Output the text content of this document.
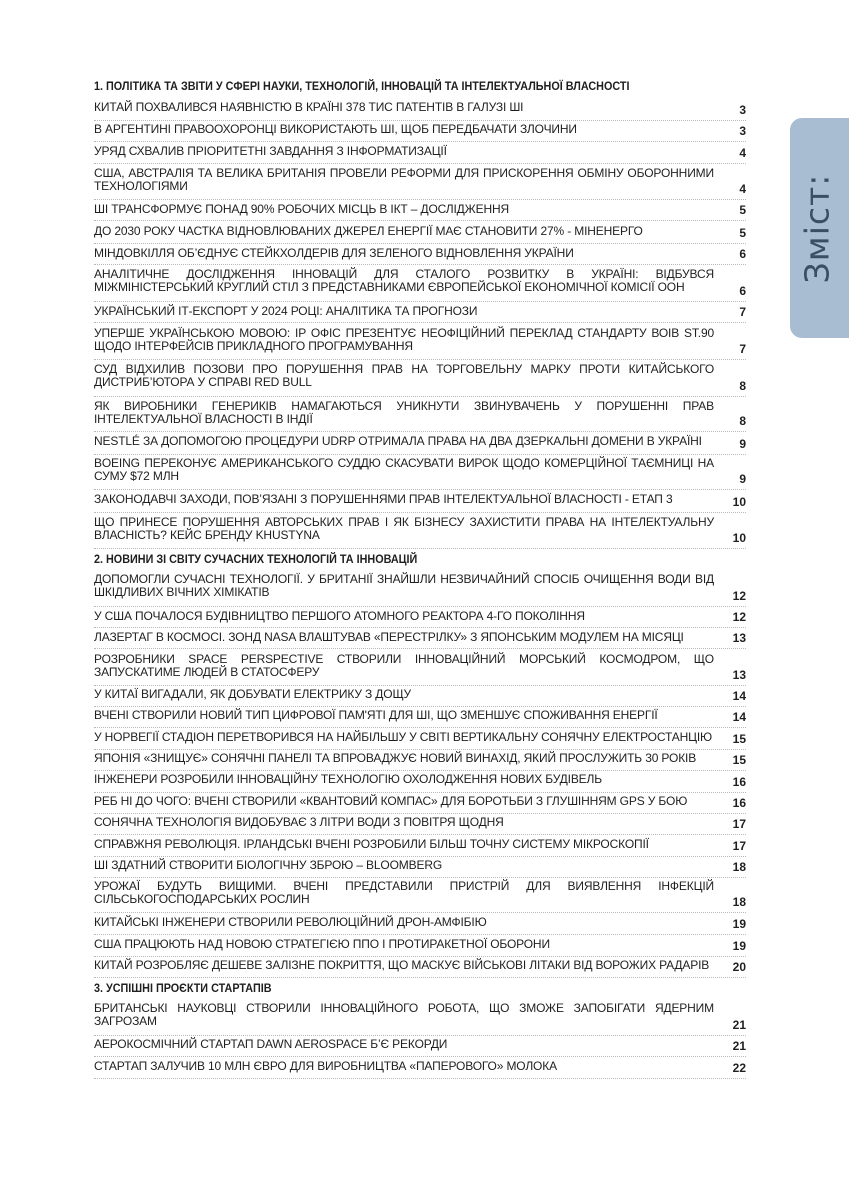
Зміст:
1. ПОЛІТИКА ТА ЗВІТИ У СФЕРІ НАУКИ, ТЕХНОЛОГІЙ, ІННОВАЦІЙ ТА ІНТЕЛЕКТУАЛЬНОЇ ВЛАСНОСТІ
КИТАЙ ПОХВАЛИВСЯ НАЯВНІСТЮ В КРАЇНІ 378 ТИС ПАТЕНТІВ В ГАЛУЗІ ШІ	3
В АРГЕНТИНІ ПРАВООХОРОНЦІ ВИКОРИСТАЮТЬ ШІ, ЩОБ ПЕРЕДБАЧАТИ ЗЛОЧИНИ	3
УРЯД СХВАЛИВ ПРІОРИТЕТНІ ЗАВДАННЯ З ІНФОРМАТИЗАЦІЇ	4
США, АВСТРАЛІЯ ТА ВЕЛИКА БРИТАНІЯ ПРОВЕЛИ РЕФОРМИ ДЛЯ ПРИСКОРЕННЯ ОБМІНУ ОБОРОННИМИ ТЕХНОЛОГІЯМИ	4
ШІ ТРАНСФОРМУЄ ПОНАД 90% РОБОЧИХ МІСЦЬ В ІКТ – ДОСЛІДЖЕННЯ	5
ДО 2030 РОКУ ЧАСТКА ВІДНОВЛЮВАНИХ ДЖЕРЕЛ ЕНЕРГІЇ МАЄ СТАНОВИТИ 27% - МІНЕНЕРГО	5
МІНДОВКІЛЛЯ ОБ’ЄДНУЄ СТЕЙКХОЛДЕРІВ ДЛЯ ЗЕЛЕНОГО ВІДНОВЛЕННЯ УКРАЇНИ	6
АНАЛІТИЧНЕ ДОСЛІДЖЕННЯ ІННОВАЦІЙ ДЛЯ СТАЛОГО РОЗВИТКУ В УКРАЇНІ: ВІДБУВСЯ МІЖМІНІСТЕРСЬКИЙ КРУГЛИЙ СТІЛ З ПРЕДСТАВНИКАМИ ЄВРОПЕЙСЬКОЇ ЕКОНОМІЧНОЇ КОМІСІЇ ООН	6
УКРАЇНСЬКИЙ ІТ-ЕКСПОРТ У 2024 РОЦІ: АНАЛІТИКА ТА ПРОГНОЗИ	7
УПЕРШЕ УКРАЇНСЬКОЮ МОВОЮ: IP ОФІС ПРЕЗЕНТУЄ НЕОФІЦІЙНИЙ ПЕРЕКЛАД СТАНДАРТУ ВОІВ ST.90 ЩОДО ІНТЕРФЕЙСІВ ПРИКЛАДНОГО ПРОГРАМУВАННЯ	7
СУД ВІДХИЛИВ ПОЗОВИ ПРО ПОРУШЕННЯ ПРАВ НА ТОРГОВЕЛЬНУ МАРКУ ПРОТИ КИТАЙСЬКОГО ДИСТРИБ’ЮТОРА У СПРАВІ RED BULL	8
ЯК ВИРОБНИКИ ГЕНЕРИКІВ НАМАГАЮТЬСЯ УНИКНУТИ ЗВИНУВАЧЕНЬ У ПОРУШЕННІ ПРАВ ІНТЕЛЕКТУАЛЬНОЇ ВЛАСНОСТІ В ІНДІЇ	8
NESTLÉ ЗА ДОПОМОГОЮ ПРОЦЕДУРИ UDRP ОТРИМАЛА ПРАВА НА ДВА ДЗЕРКАЛЬНІ ДОМЕНИ В УКРАЇНІ	9
BOEING ПЕРЕКОНУЄ АМЕРИКАНСЬКОГО СУДДЮ СКАСУВАТИ ВИРОК ЩОДО КОМЕРЦІЙНОЇ ТАЄМНИЦІ НА СУМУ $72 МЛН	9
ЗАКОНОДАВЧІ ЗАХОДИ, ПОВ’ЯЗАНІ З ПОРУШЕННЯМИ ПРАВ ІНТЕЛЕКТУАЛЬНОЇ ВЛАСНОСТІ - ЕТАП 3	10
ЩО ПРИНЕСЕ ПОРУШЕННЯ АВТОРСЬКИХ ПРАВ І ЯК БІЗНЕСУ ЗАХИСТИТИ ПРАВА НА ІНТЕЛЕКТУАЛЬНУ ВЛАСНІСТЬ? КЕЙС БРЕНДУ KHUSTYNA	10
2. НОВИНИ ЗІ СВІТУ СУЧАСНИХ ТЕХНОЛОГІЙ ТА ІННОВАЦІЙ
ДОПОМОГЛИ СУЧАСНІ ТЕХНОЛОГІЇ. У БРИТАНІЇ ЗНАЙШЛИ НЕЗВИЧАЙНИЙ СПОСІБ ОЧИЩЕННЯ ВОДИ ВІД ШКІДЛИВИХ ВІЧНИХ ХІМІКАТІВ	12
У США ПОЧАЛОСЯ БУДІВНИЦТВО ПЕРШОГО АТОМНОГО РЕАКТОРА 4-ГО ПОКОЛІННЯ	12
ЛАЗЕРТАГ В КОСМОСІ. ЗОНД NASA ВЛАШТУВАВ «ПЕРЕСТРІЛКУ» З ЯПОНСЬКИМ МОДУЛЕМ НА МІСЯЦІ	13
РОЗРОБНИКИ SPACE PERSPECTIVE СТВОРИЛИ ІННОВАЦІЙНИЙ МОРСЬКИЙ КОСМОДРОМ, ЩО ЗАПУСКАТИМЕ ЛЮДЕЙ В СТАТОСФЕРУ	13
У КИТАЇ ВИГАДАЛИ, ЯК ДОБУВАТИ ЕЛЕКТРИКУ З ДОЩУ	14
ВЧЕНІ СТВОРИЛИ НОВИЙ ТИП ЦИФРОВОЇ ПАМ'ЯТІ ДЛЯ ШІ, ЩО ЗМЕНШУЄ СПОЖИВАННЯ ЕНЕРГІЇ	14
У НОРВЕГІЇ СТАДІОН ПЕРЕТВОРИВСЯ НА НАЙБІЛЬШУ У СВІТІ ВЕРТИКАЛЬНУ СОНЯЧНУ ЕЛЕКТРОСТАНЦІЮ 15
ЯПОНІЯ «ЗНИЩУЄ» СОНЯЧНІ ПАНЕЛІ ТА ВПРОВАДЖУЄ НОВИЙ ВИНАХІД, ЯКИЙ ПРОСЛУЖИТЬ 30 РОКІВ	15
ІНЖЕНЕРИ РОЗРОБИЛИ ІННОВАЦІЙНУ ТЕХНОЛОГІЮ ОХОЛОДЖЕННЯ НОВИХ БУДІВЕЛЬ	16
РЕБ НІ ДО ЧОГО: ВЧЕНІ СТВОРИЛИ «КВАНТОВИЙ КОМПАС» ДЛЯ БОРОТЬБИ З ГЛУШІННЯМ GPS У БОЮ	16
СОНЯЧНА ТЕХНОЛОГІЯ ВИДОБУВАЄ 3 ЛІТРИ ВОДИ З ПОВІТРЯ ЩОДНЯ	17
СПРАВЖНЯ РЕВОЛЮЦІЯ. ІРЛАНДСЬКІ ВЧЕНІ РОЗРОБИЛИ БІЛЬШ ТОЧНУ СИСТЕМУ МІКРОСКОПІЇ	17
ШІ ЗДАТНИЙ СТВОРИТИ БІОЛОГІЧНУ ЗБРОЮ – BLOOMBERG	18
УРОЖАЇ БУДУТЬ ВИЩИМИ. ВЧЕНІ ПРЕДСТАВИЛИ ПРИСТРІЙ ДЛЯ ВИЯВЛЕННЯ ІНФЕКЦІЙ СІЛЬСЬКОГОСПОДАРСЬКИХ РОСЛИН	18
КИТАЙСЬКІ ІНЖЕНЕРИ СТВОРИЛИ РЕВОЛЮЦІЙНИЙ ДРОН-АМФІБІЮ	19
США ПРАЦЮЮТЬ НАД НОВОЮ СТРАТЕГІЄЮ ППО І ПРОТИРАКЕТНОЇ ОБОРОНИ	19
КИТАЙ РОЗРОБЛЯЄ ДЕШЕВЕ ЗАЛІЗНЕ ПОКРИТТЯ, ЩО МАСКУЄ ВІЙСЬКОВІ ЛІТАКИ ВІД ВОРОЖИХ РАДАРІВ	20
3. УСПІШНІ ПРОЄКТИ СТАРТАПІВ
БРИТАНСЬКІ НАУКОВЦІ СТВОРИЛИ ІННОВАЦІЙНОГО РОБОТА, ЩО ЗМОЖЕ ЗАПОБІГАТИ ЯДЕРНИМ ЗАГРОЗАМ	21
АЕРОКОСМІЧНИЙ СТАРТАП DAWN AEROSPACE Б’Є РЕКОРДИ	21
СТАРТАП ЗАЛУЧИВ 10 МЛН ЄВРО ДЛЯ ВИРОБНИЦТВА «ПАПЕРОВОГО» МОЛОКА	22
